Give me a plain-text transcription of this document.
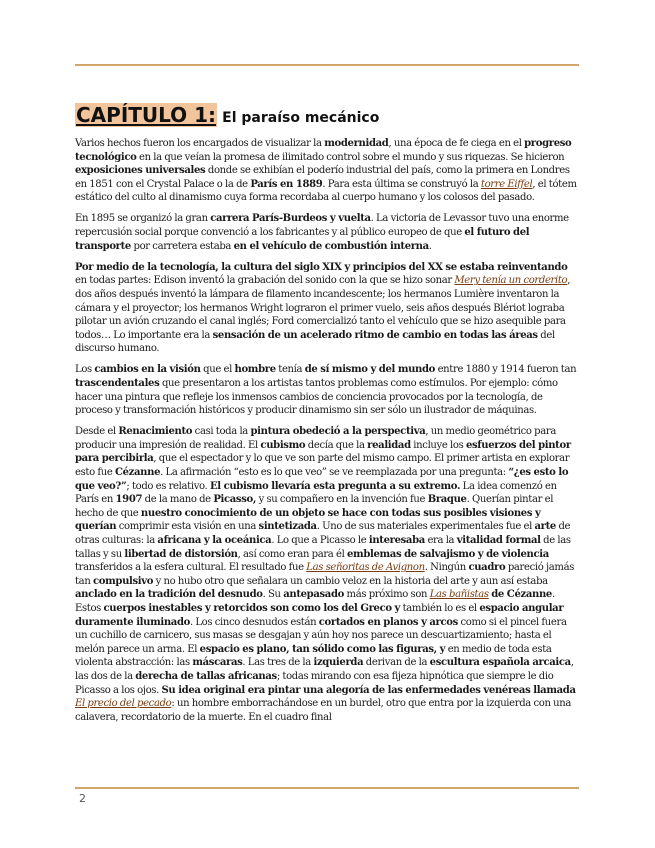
CAPÍTULO 1: El paraíso mecánico

Varios hechos fueron los encargados de visualizar la modernidad, una época de fe ciega en el progreso tecnológico en la que veían la promesa de ilimitado control sobre el mundo y sus riquezas. Se hicieron exposiciones universales donde se exhibían el poderío industrial del país, como la primera en Londres en 1851 con el Crystal Palace o la de París en 1889. Para esta última se construyó la torre Eiffel, el tótem estático del culto al dinamismo cuya forma recordaba al cuerpo humano y los colosos del pasado.

En 1895 se organizó la gran carrera París-Burdeos y vuelta. La victoria de Levassor tuvo una enorme repercusión social porque convenció a los fabricantes y al público europeo de que el futuro del transporte por carretera estaba en el vehículo de combustión interna.

Por medio de la tecnología, la cultura del siglo XIX y principios del XX se estaba reinventando en todas partes: Edison inventó la grabación del sonido con la que se hizo sonar Mery tenía un corderito, dos años después inventó la lámpara de filamento incandescente; los hermanos Lumière inventaron la cámara y el proyector; los hermanos Wright lograron el primer vuelo, seis años después Blériot lograba pilotar un avión cruzando el canal inglés; Ford comercializó tanto el vehículo que se hizo asequible para todos… Lo importante era la sensación de un acelerado ritmo de cambio en todas las áreas del discurso humano.

Los cambios en la visión que el hombre tenía de sí mismo y del mundo entre 1880 y 1914 fueron tan trascendentales que presentaron a los artistas tantos problemas como estímulos. Por ejemplo: cómo hacer una pintura que refleje los inmensos cambios de conciencia provocados por la tecnología, de proceso y transformación históricos y producir dinamismo sin ser sólo un ilustrador de máquinas.

Desde el Renacimiento casi toda la pintura obedeció a la perspectiva, un medio geométrico para producir una impresión de realidad. El cubismo decía que la realidad incluye los esfuerzos del pintor para percibirla, que el espectador y lo que ve son parte del mismo campo. El primer artista en explorar esto fue Cézanne. La afirmación “esto es lo que veo” se ve reemplazada por una pregunta: “¿es esto lo que veo?”; todo es relativo. El cubismo llevaría esta pregunta a su extremo. La idea comenzó en París en 1907 de la mano de Picasso, y su compañero en la invención fue Braque. Querían pintar el hecho de que nuestro conocimiento de un objeto se hace con todas sus posibles visiones y querían comprimir esta visión en una sintetizada. Uno de sus materiales experimentales fue el arte de otras culturas: la africana y la oceánica. Lo que a Picasso le interesaba era la vitalidad formal de las tallas y su libertad de distorsión, así como eran para él emblemas de salvajismo y de violencia transferidos a la esfera cultural. El resultado fue Las señoritas de Avignon. Ningún cuadro pareció jamás tan compulsivo y no hubo otro que señalara un cambio veloz en la historia del arte y aun así estaba anclado en la tradición del desnudo. Su antepasado más próximo son Las bañistas de Cézanne. Estos cuerpos inestables y retorcidos son como los del Greco y también lo es el espacio angular duramente iluminado. Los cinco desnudos están cortados en planos y arcos como si el pincel fuera un cuchillo de carnicero, sus masas se desgajan y aún hoy nos parece un descuartizamiento; hasta el melón parece un arma. El espacio es plano, tan sólido como las figuras, y en medio de toda esta violenta abstracción: las máscaras. Las tres de la izquierda derivan de la escultura española arcaica, las dos de la derecha de tallas africanas; todas mirando con esa fijeza hipnótica que siempre le dio Picasso a los ojos. Su idea original era pintar una alegoría de las enfermedades venéreas llamada El precio del pecado: un hombre emborrachándose en un burdel, otro que entra por la izquierda con una calavera, recordatorio de la muerte. En el cuadro final

2
